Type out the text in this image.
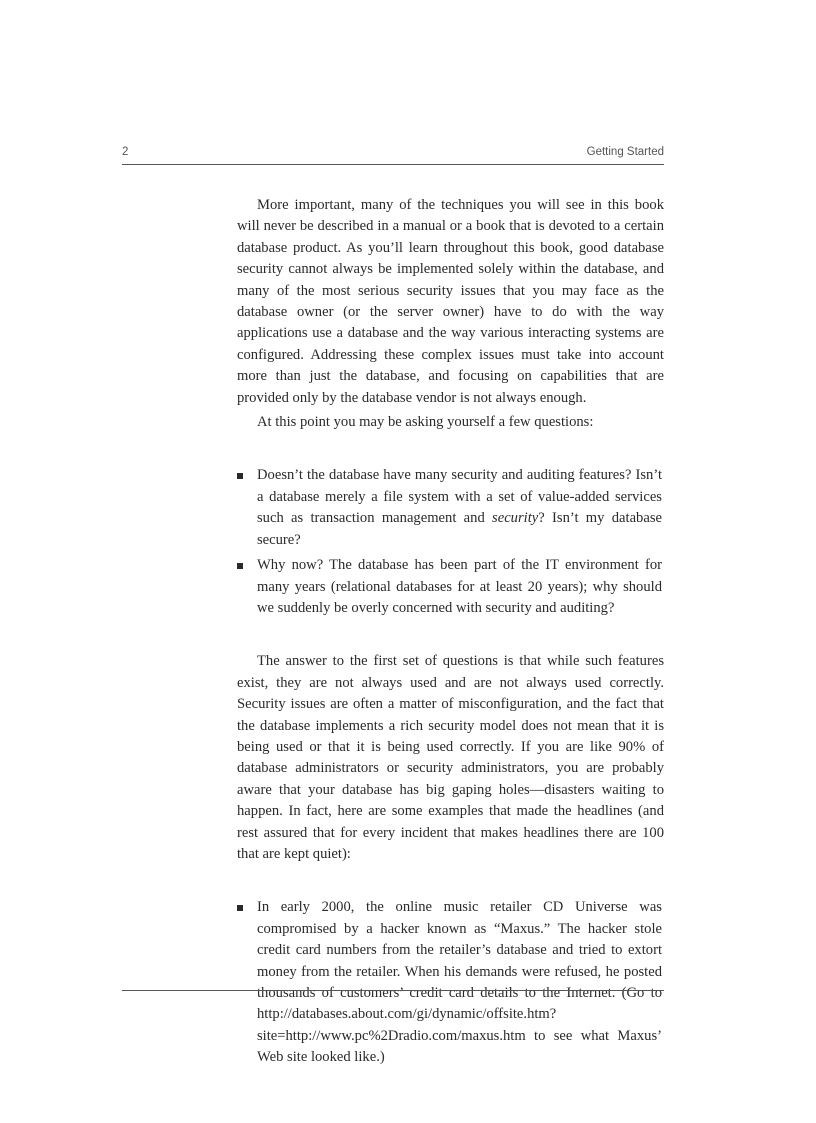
2	Getting Started

More important, many of the techniques you will see in this book will never be described in a manual or a book that is devoted to a certain database product. As you’ll learn throughout this book, good database security cannot always be implemented solely within the database, and many of the most serious security issues that you may face as the database owner (or the server owner) have to do with the way applications use a database and the way various interacting systems are configured. Addressing these complex issues must take into account more than just the database, and focusing on capabilities that are provided only by the database vendor is not always enough.

At this point you may be asking yourself a few questions:

Doesn’t the database have many security and auditing features? Isn’t a database merely a file system with a set of value-added services such as transaction management and security? Isn’t my database secure?
Why now? The database has been part of the IT environment for many years (relational databases for at least 20 years); why should we suddenly be overly concerned with security and auditing?

The answer to the first set of questions is that while such features exist, they are not always used and are not always used correctly. Security issues are often a matter of misconfiguration, and the fact that the database implements a rich security model does not mean that it is being used or that it is being used correctly. If you are like 90% of database administrators or security administrators, you are probably aware that your database has big gaping holes—disasters waiting to happen. In fact, here are some examples that made the headlines (and rest assured that for every incident that makes headlines there are 100 that are kept quiet):

In early 2000, the online music retailer CD Universe was compromised by a hacker known as “Maxus.” The hacker stole credit card numbers from the retailer’s database and tried to extort money from the retailer. When his demands were refused, he posted thousands of customers’ credit card details to the Internet. (Go to http://databases.about.com/gi/dynamic/offsite.htm?site=http://www.pc%2Dradio.com/maxus.htm to see what Maxus’ Web site looked like.)
